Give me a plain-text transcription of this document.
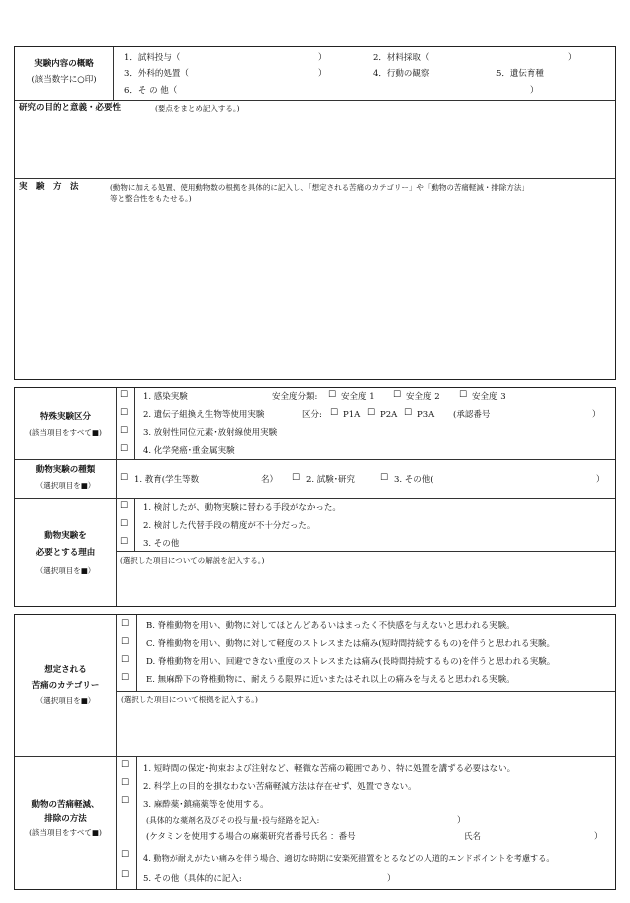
実験内容の概略
(該当数字に○印)
1．試料投与（	）	2．材料採取（	）
3．外科的処置（	）	4．行動の観察	5．遺伝育種
6．そ の 他（	）
研究の目的と意義・必要性	(要点をまとめ記入する。)
実　験　方　法	(動物に加える処置、使用動物数の根拠を具体的に記入し、「想定される苦痛のカテゴリー」や「動物の苦痛軽減・排除方法」
等と整合性をもたせる。)
特殊実験区分
(該当項目をすべて■)
☐ 1. 感染実験	安全度分類: ☐ 安全度 1 ☐ 安全度 2 ☐ 安全度 3
☐ 2. 遺伝子組換え生物等使用実験	区分: ☐ P1A ☐ P2A ☐ P3A (承認番号	）
☐ 3. 放射性同位元素･放射線使用実験
☐ 4. 化学発癌･重金属実験
動物実験の種類
（選択項目を■）
☐ 1. 教育(学生等数	名） ☐ 2. 試験･研究	☐ 3. その他(	）
動物実験を
必要とする理由
（選択項目を■）
☐ 1. 検討したが、動物実験に替わる手段がなかった。
☐ 2. 検討した代替手段の精度が不十分だった。
☐ 3. その他
(選択した項目についての解説を記入する。)
想定される
苦痛のカテゴリー
（選択項目を■）
☐ B. 脊椎動物を用い、動物に対してほとんどあるいはまったく不快感を与えないと思われる実験。
☐ C. 脊椎動物を用い、動物に対して軽度のストレスまたは痛み(短時間持続するもの)を伴うと思われる実験。
☐ D. 脊椎動物を用い、回避できない重度のストレスまたは痛み(長時間持続するもの)を伴うと思われる実験。
☐ E. 無麻酔下の脊椎動物に、耐えうる限界に近いまたはそれ以上の痛みを与えると思われる実験。
(選択した項目について根拠を記入する。)
動物の苦痛軽減、
排除の方法
(該当項目をすべて■)
☐ 1. 短時間の保定･拘束および注射など、軽微な苦痛の範囲であり、特に処置を講ずる必要はない。
☐ 2. 科学上の目的を損なわない苦痛軽減方法は存在せず、処置できない。
☐ 3. 麻酔薬･鎮痛薬等を使用する。
(具体的な薬剤名及びその投与量･投与経路を記入:	）
(ケタミンを使用する場合の麻薬研究者番号氏名 ：番号	氏名	）
☐ 4. 動物が耐えがたい痛みを伴う場合、適切な時期に安楽死措置をとるなどの人道的エンドポイントを考慮する。
☐ 5. その他（具体的に記入:	）
